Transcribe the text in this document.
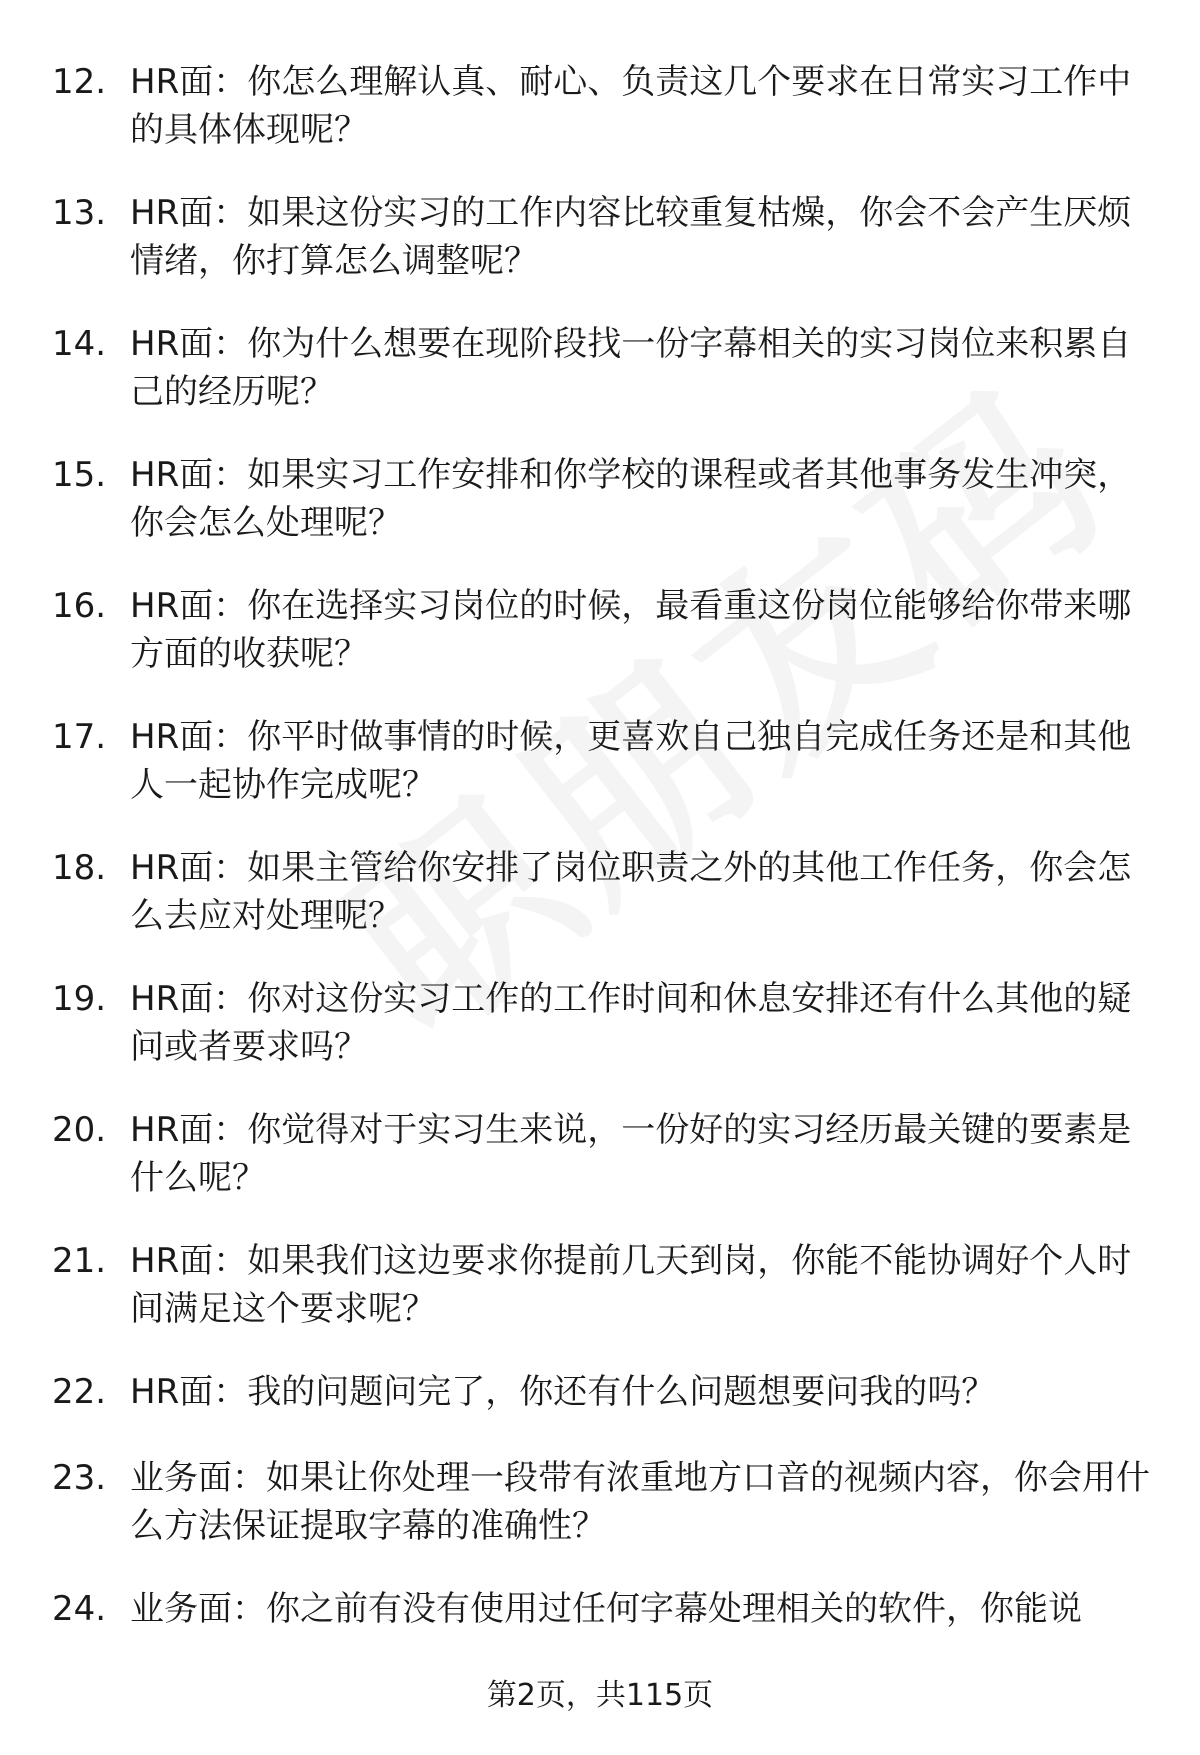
12. HR面：你怎么理解认真、耐心、负责这几个要求在日常实习工作中的具体体现呢？
13. HR面：如果这份实习的工作内容比较重复枯燥，你会不会产生厌烦情绪，你打算怎么调整呢？
14. HR面：你为什么想要在现阶段找一份字幕相关的实习岗位来积累自己的经历呢？
15. HR面：如果实习工作安排和你学校的课程或者其他事务发生冲突，你会怎么处理呢？
16. HR面：你在选择实习岗位的时候，最看重这份岗位能够给你带来哪方面的收获呢？
17. HR面：你平时做事情的时候，更喜欢自己独自完成任务还是和其他人一起协作完成呢？
18. HR面：如果主管给你安排了岗位职责之外的其他工作任务，你会怎么去应对处理呢？
19. HR面：你对这份实习工作的工作时间和休息安排还有什么其他的疑问或者要求吗？
20. HR面：你觉得对于实习生来说，一份好的实习经历最关键的要素是什么呢？
21. HR面：如果我们这边要求你提前几天到岗，你能不能协调好个人时间满足这个要求呢？
22. HR面：我的问题问完了，你还有什么问题想要问我的吗？
23. 业务面：如果让你处理一段带有浓重地方口音的视频内容，你会用什么方法保证提取字幕的准确性？
24. 业务面：你之前有没有使用过任何字幕处理相关的软件，你能说
第2页，共115页
